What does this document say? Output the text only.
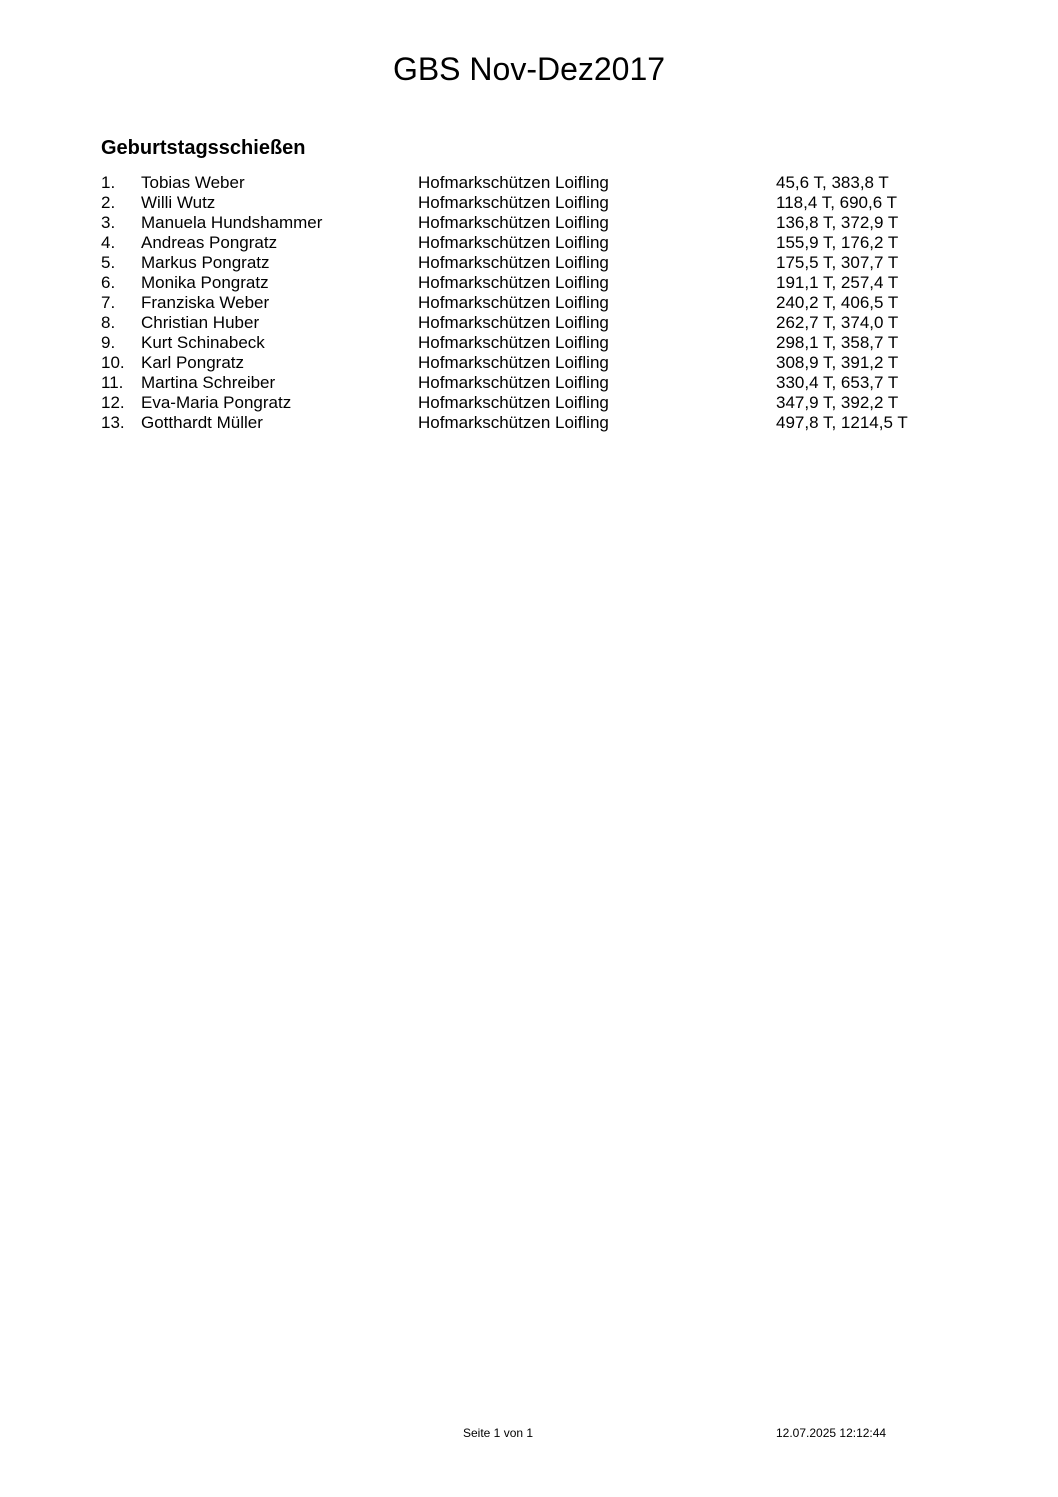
GBS Nov-Dez2017
Geburtstagsschießen
1. Tobias Weber	Hofmarkschützen Loifling	45,6 T, 383,8 T
2. Willi Wutz	Hofmarkschützen Loifling	118,4 T, 690,6 T
3. Manuela Hundshammer	Hofmarkschützen Loifling	136,8 T, 372,9 T
4. Andreas Pongratz	Hofmarkschützen Loifling	155,9 T, 176,2 T
5. Markus Pongratz	Hofmarkschützen Loifling	175,5 T, 307,7 T
6. Monika Pongratz	Hofmarkschützen Loifling	191,1 T, 257,4 T
7. Franziska Weber	Hofmarkschützen Loifling	240,2 T, 406,5 T
8. Christian Huber	Hofmarkschützen Loifling	262,7 T, 374,0 T
9. Kurt Schinabeck	Hofmarkschützen Loifling	298,1 T, 358,7 T
10. Karl Pongratz	Hofmarkschützen Loifling	308,9 T, 391,2 T
11. Martina Schreiber	Hofmarkschützen Loifling	330,4 T, 653,7 T
12. Eva-Maria Pongratz	Hofmarkschützen Loifling	347,9 T, 392,2 T
13. Gotthardt Müller	Hofmarkschützen Loifling	497,8 T, 1214,5 T
Seite 1 von 1	12.07.2025 12:12:44
